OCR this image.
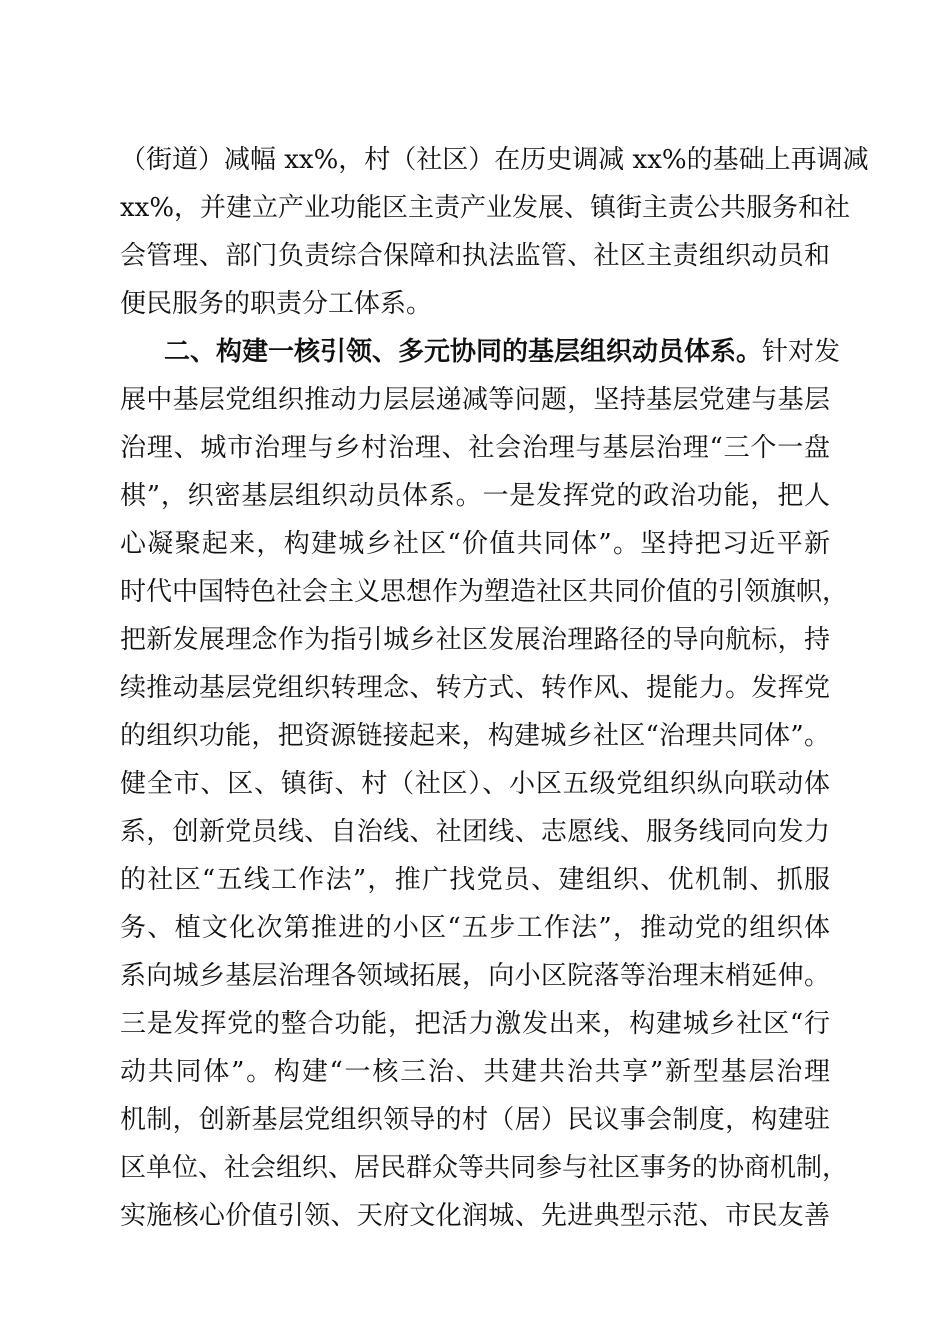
（街道）减幅 xx%，村（社区）在历史调减 xx%的基础上再调减
xx%，并建立产业功能区主责产业发展、镇街主责公共服务和社
会管理、部门负责综合保障和执法监管、社区主责组织动员和
便民服务的职责分工体系。
二、构建一核引领、多元协同的基层组织动员体系。针对发
展中基层党组织推动力层层递减等问题，坚持基层党建与基层
治理、城市治理与乡村治理、社会治理与基层治理“三个一盘
棋”，织密基层组织动员体系。一是发挥党的政治功能，把人
心凝聚起来，构建城乡社区“价值共同体”。坚持把习近平新
时代中国特色社会主义思想作为塑造社区共同价值的引领旗帜，
把新发展理念作为指引城乡社区发展治理路径的导向航标，持
续推动基层党组织转理念、转方式、转作风、提能力。发挥党
的组织功能，把资源链接起来，构建城乡社区“治理共同体”。
健全市、区、镇街、村（社区）、小区五级党组织纵向联动体
系，创新党员线、自治线、社团线、志愿线、服务线同向发力
的社区“五线工作法”，推广找党员、建组织、优机制、抓服
务、植文化次第推进的小区“五步工作法”，推动党的组织体
系向城乡基层治理各领域拓展，向小区院落等治理末梢延伸。
三是发挥党的整合功能，把活力激发出来，构建城乡社区“行
动共同体”。构建“一核三治、共建共治共享”新型基层治理
机制，创新基层党组织领导的村（居）民议事会制度，构建驻
区单位、社会组织、居民群众等共同参与社区事务的协商机制，
实施核心价值引领、天府文化润城、先进典型示范、市民友善
